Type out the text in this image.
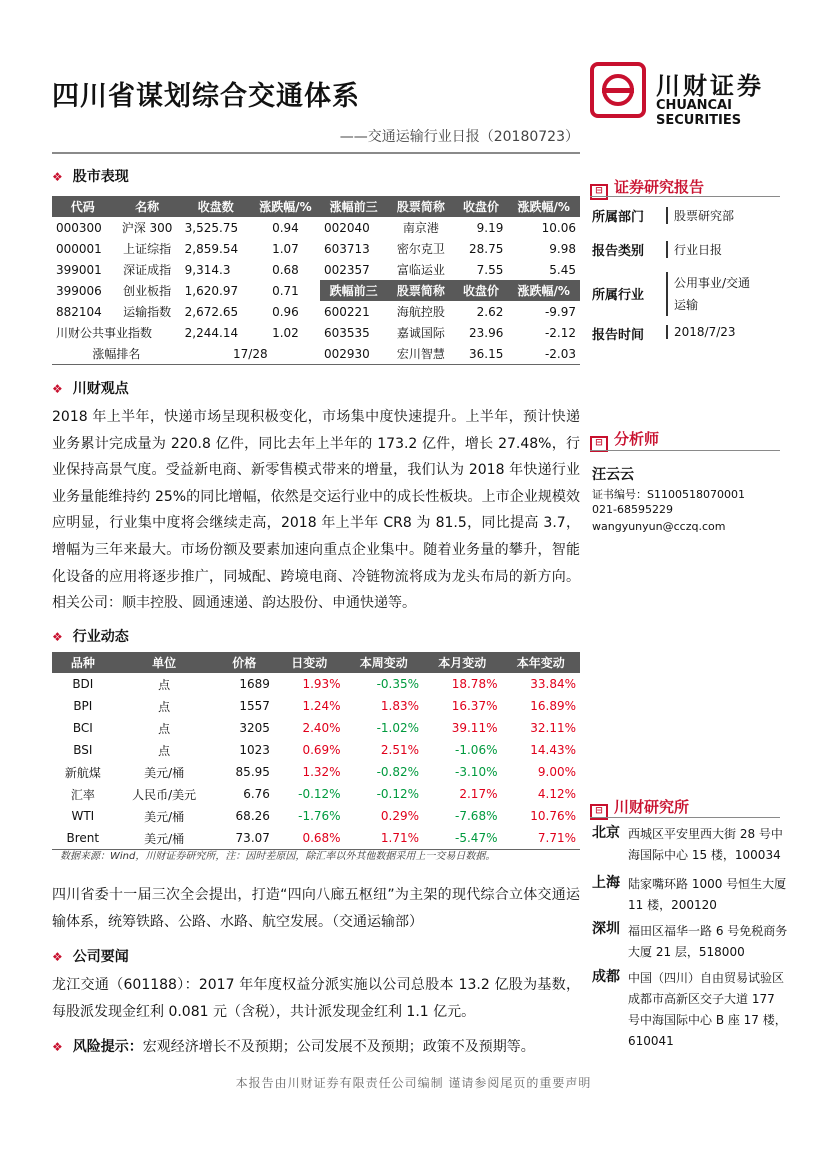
四川省谋划综合交通体系
——交通运输行业日报（20180723）
川财证券
CHUANCAI SECURITIES
❖ 股市表现
代码	名称	收盘数	涨跌幅/%
000300	沪深 300	3,525.75	0.94
000001	上证综指	2,859.54	1.07
399001	深证成指	9,314.3	0.68
399006	创业板指	1,620.97	0.71
882104	运输指数	2,672.65	0.96
川财公共事业指数		2,244.14	1.02
涨幅排名		17/28	
涨幅前三	股票简称	收盘价	涨跌幅/%
002040	南京港	9.19	10.06
603713	密尔克卫	28.75	9.98
002357	富临运业	7.55	5.45
跌幅前三	股票简称	收盘价	涨跌幅/%
600221	海航控股	2.62	-9.97
603535	嘉诚国际	23.96	-2.12
002930	宏川智慧	36.15	-2.03
❖ 川财观点
2018 年上半年，快递市场呈现积极变化，市场集中度快速提升。上半年，预计快递业务累计完成量为 220.8 亿件，同比去年上半年的 173.2 亿件，增长 27.48%，行业保持高景气度。受益新电商、新零售模式带来的增量，我们认为 2018 年快递行业业务量能维持约 25%的同比增幅，依然是交运行业中的成长性板块。上市企业规模效应明显，行业集中度将会继续走高，2018 年上半年 CR8 为 81.5，同比提高 3.7，增幅为三年来最大。市场份额及要素加速向重点企业集中。随着业务量的攀升，智能化设备的应用将逐步推广，同城配、跨境电商、冷链物流将成为龙头布局的新方向。相关公司：顺丰控股、圆通速递、韵达股份、申通快递等。
❖ 行业动态
品种	单位	价格	日变动	本周变动	本月变动	本年变动
BDI	点	1689	1.93%	-0.35%	18.78%	33.84%
BPI	点	1557	1.24%	1.83%	16.37%	16.89%
BCI	点	3205	2.40%	-1.02%	39.11%	32.11%
BSI	点	1023	0.69%	2.51%	-1.06%	14.43%
新航煤	美元/桶	85.95	1.32%	-0.82%	-3.10%	9.00%
汇率	人民币/美元	6.76	-0.12%	-0.12%	2.17%	4.12%
WTI	美元/桶	68.26	-1.76%	0.29%	-7.68%	10.76%
Brent	美元/桶	73.07	0.68%	1.71%	-5.47%	7.71%
数据来源：Wind，川财证券研究所，注：因时差原因，除汇率以外其他数据采用上一交易日数据。
四川省委十一届三次全会提出，打造“四向八廊五枢纽”为主架的现代综合立体交通运输体系，统筹铁路、公路、水路、航空发展。（交通运输部）
❖ 公司要闻
龙江交通（601188）：2017 年年度权益分派实施以公司总股本 13.2 亿股为基数，每股派发现金红利 0.081 元（含税），共计派发现金红利 1.1 亿元。
❖ 风险提示：宏观经济增长不及预期；公司发展不及预期；政策不及预期等。
⊟ 证券研究报告
所属部门	股票研究部
报告类别	行业日报
所属行业
公用事业/交通运输
报告时间	2018/7/23
⊟ 分析师
汪云云
证书编号：S1100518070001
021-68595229
wangyunyun@cczq.com
⊟ 川财研究所
北京 西城区平安里西大街 28 号中海国际中心 15 楼，100034
上海 陆家嘴环路 1000 号恒生大厦 11 楼，200120
深圳 福田区福华一路 6 号免税商务大厦 21 层，518000
成都 中国（四川）自由贸易试验区成都市高新区交子大道 177 号中海国际中心 B 座 17 楼，610041
本报告由川财证券有限责任公司编制 谨请参阅尾页的重要声明
